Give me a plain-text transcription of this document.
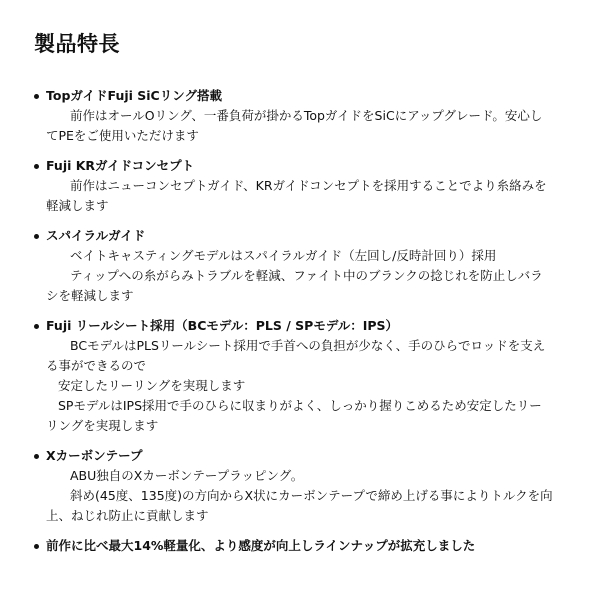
製品特長
TopガイドFuji SiCリング搭載
前作はオールOリング、一番負荷が掛かるTopガイドをSiCにアップグレード。安心し
てPEをご使用いただけます
Fuji KRガイドコンセプト
前作はニューコンセプトガイド、KRガイドコンセプトを採用することでより糸絡みを
軽減します
スパイラルガイド
ベイトキャスティングモデルはスパイラルガイド（左回し/反時計回り）採用
ティップへの糸がらみトラブルを軽減、ファイト中のブランクの捻じれを防止しバラ
シを軽減します
Fuji リールシート採用（BCモデル：PLS / SPモデル：IPS）
BCモデルはPLSリールシート採用で手首への負担が少なく、手のひらでロッドを支え
る事ができるので
安定したリーリングを実現します
SPモデルはIPS採用で手のひらに収まりがよく、しっかり握りこめるため安定したリー
リングを実現します
Xカーボンテープ
ABU独自のXカーボンテープラッピング。
斜め(45度、135度)の方向からX状にカーボンテープで締め上げる事によりトルクを向
上、ねじれ防止に貢献します
前作に比べ最大14%軽量化、より感度が向上しラインナップが拡充しました
